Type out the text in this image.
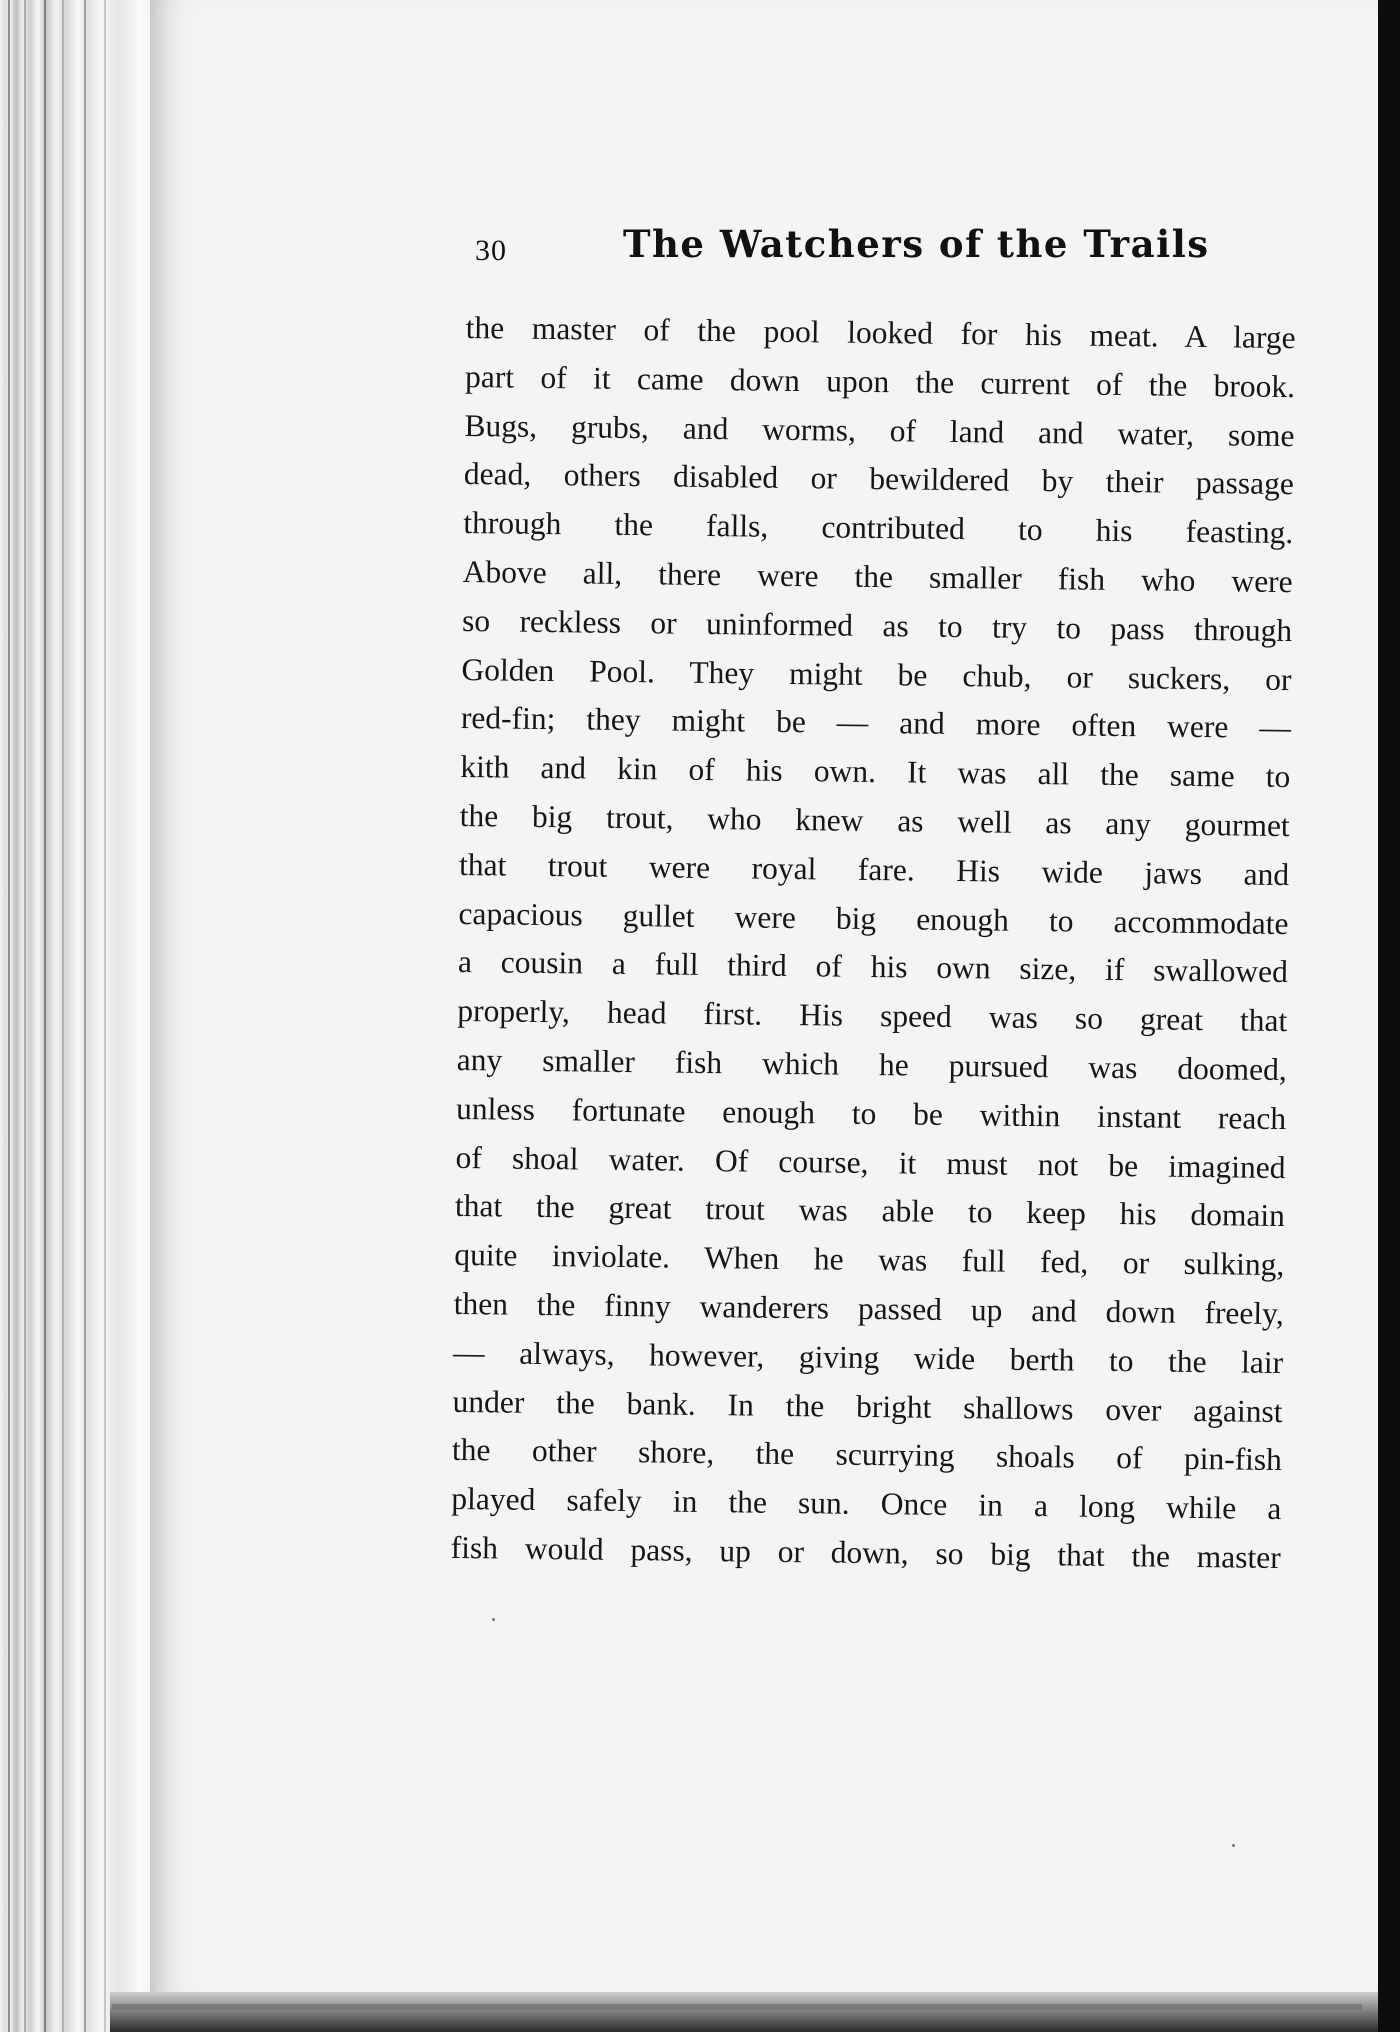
30	The Watchers of the Trails
the master of the pool looked for his meat. A large
part of it came down upon the current of the brook.
Bugs, grubs, and worms, of land and water, some
dead, others disabled or bewildered by their passage
through the falls, contributed to his feasting.
Above all, there were the smaller fish who were
so reckless or uninformed as to try to pass through
Golden Pool. They might be chub, or suckers, or
red-fin; they might be — and more often were —
kith and kin of his own. It was all the same to
the big trout, who knew as well as any gourmet
that trout were royal fare. His wide jaws and
capacious gullet were big enough to accommodate
a cousin a full third of his own size, if swallowed
properly, head first. His speed was so great that
any smaller fish which he pursued was doomed,
unless fortunate enough to be within instant reach
of shoal water. Of course, it must not be imagined
that the great trout was able to keep his domain
quite inviolate. When he was full fed, or sulking,
then the finny wanderers passed up and down freely,
— always, however, giving wide berth to the lair
under the bank. In the bright shallows over against
the other shore, the scurrying shoals of pin-fish
played safely in the sun. Once in a long while a
fish would pass, up or down, so big that the master
